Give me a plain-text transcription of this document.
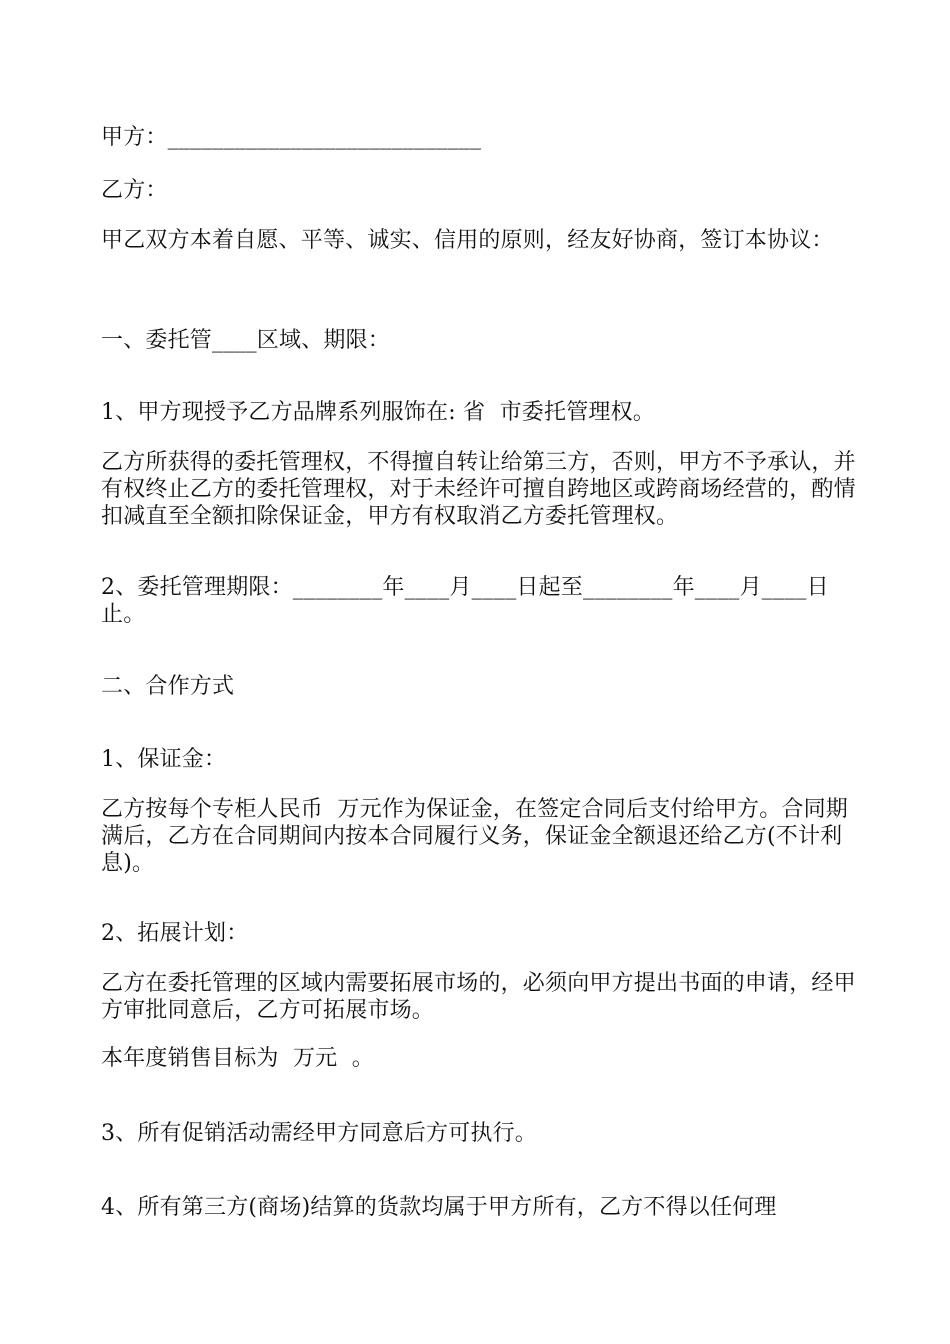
甲方：____________________________
乙方：
甲乙双方本着自愿、平等、诚实、信用的原则，经友好协商，签订本协议：
一、委托管____区域、期限：
1、甲方现授予乙方品牌系列服饰在: 省  市委托管理权。
乙方所获得的委托管理权，不得擅自转让给第三方，否则，甲方不予承认，并有权终止乙方的委托管理权，对于未经许可擅自跨地区或跨商场经营的，酌情扣减直至全额扣除保证金，甲方有权取消乙方委托管理权。
2、委托管理期限：________年____月____日起至________年____月____日止。
二、合作方式
1、保证金：
乙方按每个专柜人民币  万元作为保证金，在签定合同后支付给甲方。合同期满后，乙方在合同期间内按本合同履行义务，保证金全额退还给乙方(不计利息)。
2、拓展计划：
乙方在委托管理的区域内需要拓展市场的，必须向甲方提出书面的申请，经甲方审批同意后，乙方可拓展市场。
本年度销售目标为  万元  。
3、所有促销活动需经甲方同意后方可执行。
4、所有第三方(商场)结算的货款均属于甲方所有，乙方不得以任何理
